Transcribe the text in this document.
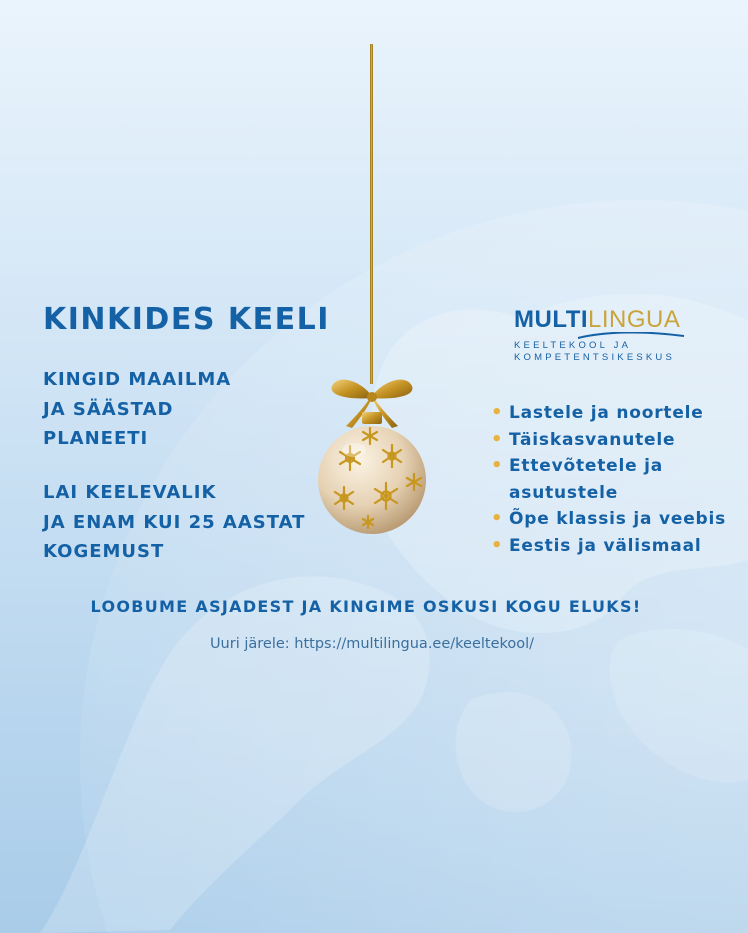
KINKIDES KEELI
KINGID MAAILMA
JA SÄÄSTAD
PLANEETI
LAI KEELEVALIK
JA ENAM KUI 25 AASTAT
KOGEMUST
MULTILINGUA
KEELTEKOOL JA
KOMPETENTSIKESKUS
• Lastele ja noortele
• Täiskasvanutele
• Ettevõtetele ja
asutustele
• Õpe klassis ja veebis
• Eestis ja välismaal
LOOBUME ASJADEST JA KINGIME OSKUSI KOGU ELUKS!
Uuri järele: https://multilingua.ee/keeltekool/
